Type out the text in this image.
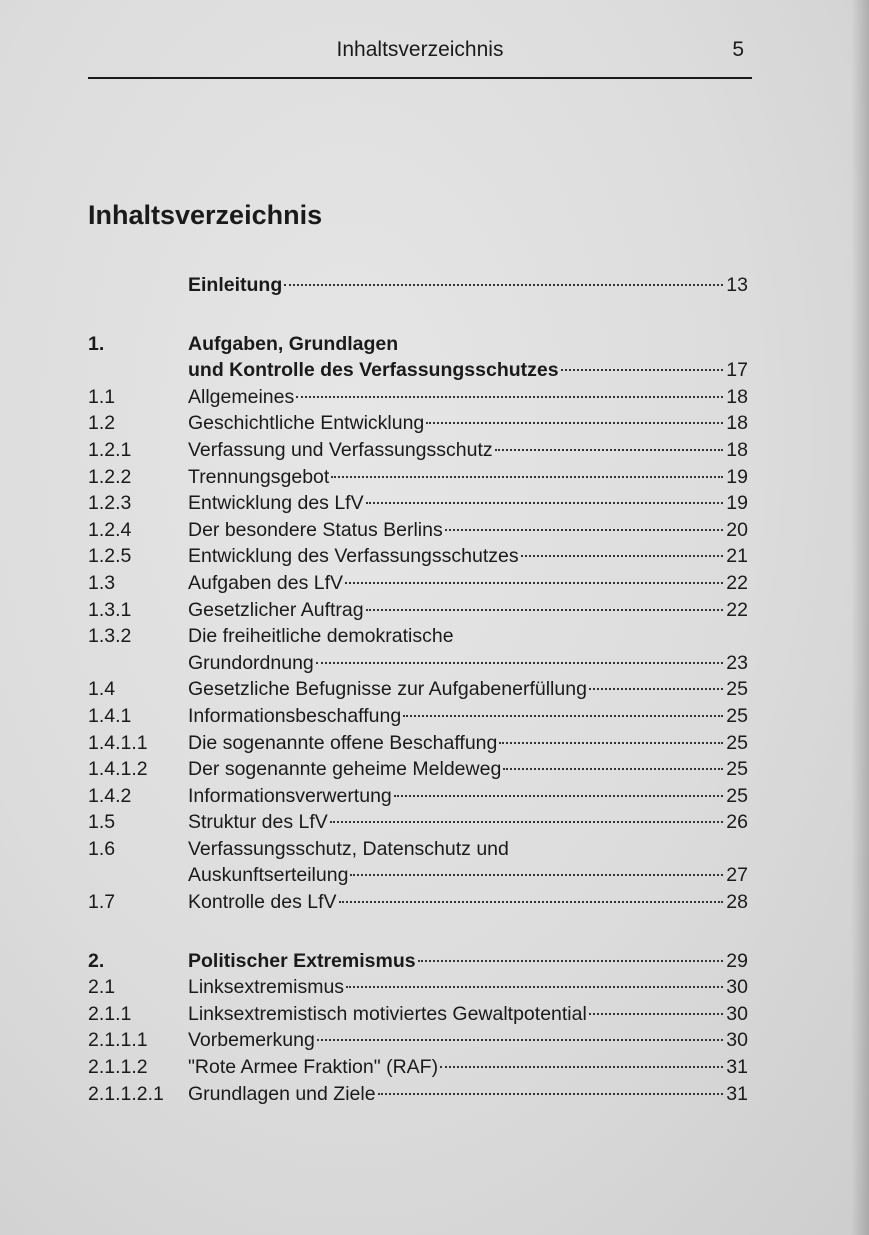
Inhaltsverzeichnis	5
Inhaltsverzeichnis
Einleitung	13
1.	Aufgaben, Grundlagen
und Kontrolle des Verfassungsschutzes	17
1.1	Allgemeines	18
1.2	Geschichtliche Entwicklung	18
1.2.1	Verfassung und Verfassungsschutz	18
1.2.2	Trennungsgebot	19
1.2.3	Entwicklung des LfV	19
1.2.4	Der besondere Status Berlins	20
1.2.5	Entwicklung des Verfassungsschutzes	21
1.3	Aufgaben des LfV	22
1.3.1	Gesetzlicher Auftrag	22
1.3.2	Die freiheitliche demokratische
Grundordnung	23
1.4	Gesetzliche Befugnisse zur Aufgabenerfüllung	25
1.4.1	Informationsbeschaffung	25
1.4.1.1 Die sogenannte offene Beschaffung	25
1.4.1.2 Der sogenannte geheime Meldeweg	25
1.4.2	Informationsverwertung	25
1.5	Struktur des LfV	26
1.6	Verfassungsschutz, Datenschutz und
Auskunftserteilung	27
1.7	Kontrolle des LfV	28
2.	Politischer Extremismus	29
2.1	Linksextremismus	30
2.1.1	Linksextremistisch motiviertes Gewaltpotential	30
2.1.1.1 Vorbemerkung	30
2.1.1.2 "Rote Armee Fraktion" (RAF)	31
2.1.1.2.1 Grundlagen und Ziele	31
